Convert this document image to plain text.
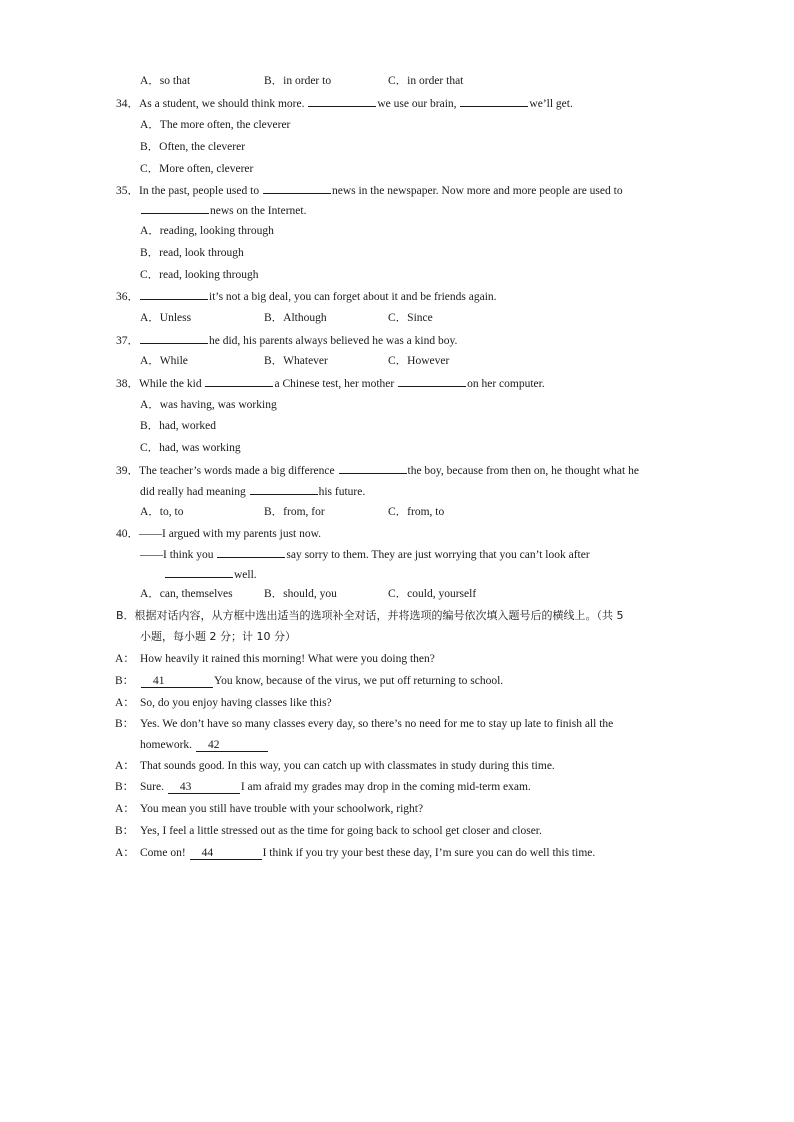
A．so that	B．in order to	C．in order that
34．As a student, we should think more.	we use our brain,	we’ll get.
A．The more often, the cleverer
B．Often, the cleverer
C．More often, cleverer
35．In the past, people used to	news in the newspaper. Now more and more people are used to
news on the Internet.
A．reading, looking through
B．read, look through
C．read, looking through
36．	it’s not a big deal, you can forget about it and be friends again.
A．Unless	B．Although	C．Since
37．	he did, his parents always believed he was a kind boy.
A．While	B．Whatever	C．However
38．While the kid	a Chinese test, her mother	on her computer.
A．was having, was working
B．had, worked
C．had, was working
39．The teacher’s words made a big difference	the boy, because from then on, he thought what he
did really had meaning	his future.
A．to, to	B．from, for	C．from, to
40．——I argued with my parents just now.
——I think you	say sorry to them. They are just worrying that you can’t look after
well.
A．can, themselves	B．should, you	C．could, yourself
B．根据对话内容，从方框中选出适当的选项补全对话，并将选项的编号依次填入题号后的横线上。（共 5
小题，每小题 2 分；计 10 分）
A： How heavily it rained this morning! What were you doing then?
B：	41	You know, because of the virus, we put off returning to school.
A： So, do you enjoy having classes like this?
B： Yes. We don’t have so many classes every day, so there’s no need for me to stay up late to finish all the
homework. 42
A： That sounds good. In this way, you can catch up with classmates in study during this time.
B： Sure. 43	I am afraid my grades may drop in the coming mid-term exam.
A： You mean you still have trouble with your schoolwork, right?
B： Yes, I feel a little stressed out as the time for going back to school get closer and closer.
A： Come on! 44	I think if you try your best these day, I’m sure you can do well this time.
